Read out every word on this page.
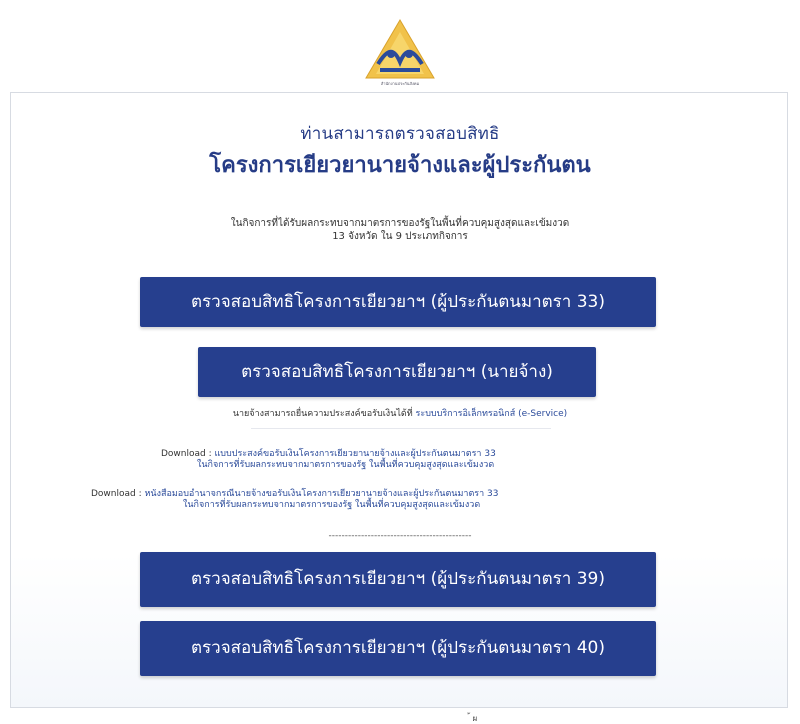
สำนักงานประกันสังคม
ท่านสามารถตรวจสอบสิทธิ
โครงการเยียวยานายจ้างและผู้ประกันตน
ในกิจการที่ได้รับผลกระทบจากมาตรการของรัฐในพื้นที่ควบคุมสูงสุดและเข้มงวด
13 จังหวัด ใน 9 ประเภทกิจการ
ตรวจสอบสิทธิโครงการเยียวยาฯ (ผู้ประกันตนมาตรา 33)
ตรวจสอบสิทธิโครงการเยียวยาฯ (นายจ้าง)
นายจ้างสามารถยื่นความประสงค์ขอรับเงินได้ที่ ระบบบริการอิเล็กทรอนิกส์ (e-Service)
Download : แบบประสงค์ขอรับเงินโครงการเยียวยานายจ้างและผู้ประกันตนมาตรา 33
ในกิจการที่รับผลกระทบจากมาตรการของรัฐ ในพื้นที่ควบคุมสูงสุดและเข้มงวด
Download : หนังสือมอบอำนาจกรณีนายจ้างขอรับเงินโครงการเยียวยานายจ้างและผู้ประกันตนมาตรา 33
ในกิจการที่รับผลกระทบจากมาตรการของรัฐ ในพื้นที่ควบคุมสูงสุดและเข้มงวด
--------------------------------------------
ตรวจสอบสิทธิโครงการเยียวยาฯ (ผู้ประกันตนมาตรา 39)
ตรวจสอบสิทธิโครงการเยียวยาฯ (ผู้ประกันตนมาตรา 40)
้ ผ
